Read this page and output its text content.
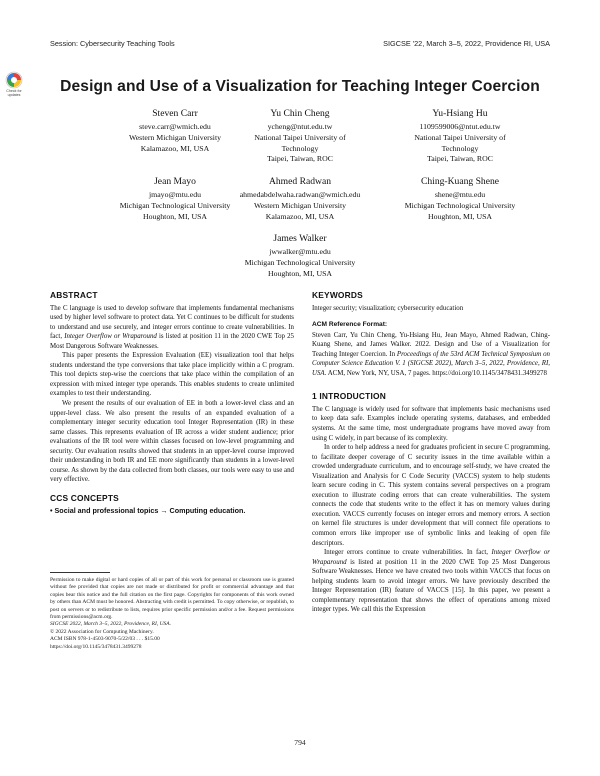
Session: Cybersecurity Teaching Tools	SIGCSE '22, March 3–5, 2022, Providence RI, USA
Check for updates	Design and Use of a Visualization for Teaching Integer Coercion
Steven Carr
steve.carr@wmich.edu
Western Michigan University
Kalamazoo, MI, USA
Yu Chin Cheng
ycheng@ntut.edu.tw
National Taipei University of
Technology
Taipei, Taiwan, ROC
Yu-Hsiang Hu
1109599006@ntut.edu.tw
National Taipei University of
Technology
Taipei, Taiwan, ROC
Jean Mayo
jmayo@mtu.edu
Michigan Technological University
Houghton, MI, USA
Ahmed Radwan
ahmedabdelwaha.radwan@wmich.edu
Western Michigan University
Kalamazoo, MI, USA
Ching-Kuang Shene
shene@mtu.edu
Michigan Technological University
Houghton, MI, USA
James Walker
jwwalker@mtu.edu
Michigan Technological University
Houghton, MI, USA
ABSTRACT

The C language is used to develop software that implements fundamental mechanisms used by higher level software to protect data. Yet C continues to be difficult for students to understand and use securely, and integer errors continue to create vulnerabilities. In fact, Integer Overflow or Wraparound is listed at position 11 in the 2020 CWE Top 25 Most Dangerous Software Weaknesses.

This paper presents the Expression Evaluation (EE) visualization tool that helps students understand the type conversions that take place implicitly within a C program. This tool depicts step-wise the coercions that take place within the compilation of an expression with mixed integer type operands. This enables students to create unlimited examples to test their understanding.

We present the results of our evaluation of EE in both a lower-level class and an upper-level class. We also present the results of an expanded evaluation of a complementary integer security education tool Integer Representation (IR) in these same classes. This represents evaluation of IR across a wider student audience; prior evaluations of the IR tool were within classes focused on low-level programming and security. Our evaluation results showed that students in an upper-level course improved their understanding in both IR and EE more significantly than students in a lower-level course. As shown by the data collected from both classes, our tools were easy to use and very effective.

CCS CONCEPTS
• Social and professional topics → Computing education.
Permission to make digital or hard copies of all or part of this work for personal or classroom use is granted without fee provided that copies are not made or distributed for profit or commercial advantage and that copies bear this notice and the full citation on the first page. Copyrights for components of this work owned by others than ACM must be honored. Abstracting with credit is permitted. To copy otherwise, or republish, to post on servers or to redistribute to lists, requires prior specific permission and/or a fee. Request permissions from permissions@acm.org.
SIGCSE 2022, March 3–5, 2022, Providence, RI, USA.
© 2022 Association for Computing Machinery.
ACM ISBN 978-1-4503-9070-5/22/03 . . . $15.00
https://doi.org/10.1145/3478431.3499278
KEYWORDS

Integer security; visualization; cybersecurity education

ACM Reference Format:

Steven Carr, Yu Chin Cheng, Yu-Hsiang Hu, Jean Mayo, Ahmed Radwan, Ching-Kuang Shene, and James Walker. 2022. Design and Use of a Visualization for Teaching Integer Coercion. In Proceedings of the 53rd ACM Technical Symposium on Computer Science Education V. 1 (SIGCSE 2022), March 3–5, 2022, Providence, RI, USA. ACM, New York, NY, USA, 7 pages. https://doi.org/10.1145/3478431.3499278

1 INTRODUCTION

The C language is widely used for software that implements basic mechanisms used to keep data safe. Examples include operating systems, databases, and embedded systems. At the same time, most undergraduate programs have moved away from using C widely, in part because of its complexity.

In order to help address a need for graduates proficient in secure C programming, to facilitate deeper coverage of C security issues in the time available within a crowded undergraduate curriculum, and to encourage self-study, we have created the Visualization and Analysis for C Code Security (VACCS) system to help students learn secure coding in C. This system contains several perspectives on a program execution to illustrate coding errors that can create vulnerabilities. The system connects the code that students write to the effect it has on memory values during execution. VACCS currently focuses on integer errors and memory errors. A section on kernel file structures is under development that will connect file operations to common errors like improper use of symbolic links and leaking of open file descriptors.

Integer errors continue to create vulnerabilities. In fact, Integer Overflow or Wraparound is listed at position 11 in the 2020 CWE Top 25 Most Dangerous Software Weaknesses. Hence we have created two tools within VACCS that focus on helping students learn to avoid integer errors. We have previously described the Integer Representation (IR) feature of VACCS [15]. In this paper, we present a complementary representation that shows the effect of operations among mixed integer types. We call this the Expression

794
